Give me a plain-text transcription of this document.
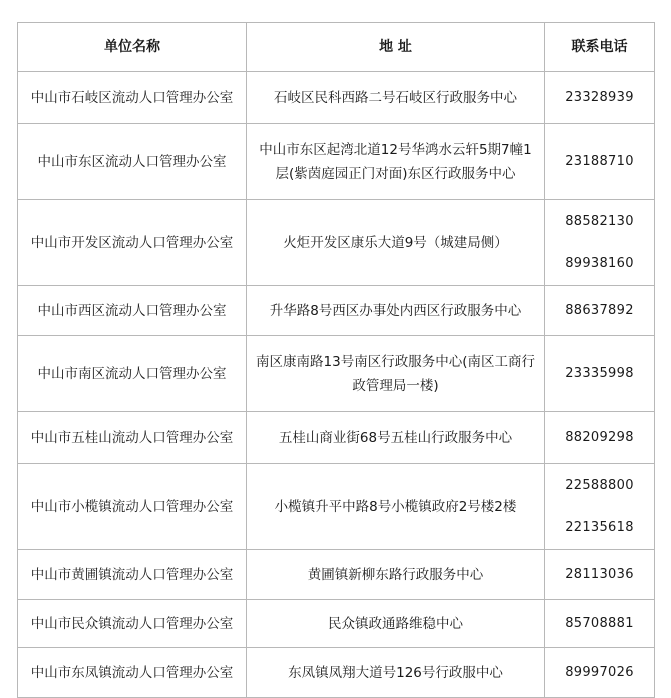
单位名称	地 址	联系电话
中山市石岐区流动人口管理办公室	石岐区民科西路二号石岐区行政服务中心	23328939

中山市东区流动人口管理办公室	中山市东区起湾北道12号华鸿水云轩5期7幢1层(紫茵庭园正门对面)东区行政服务中心	23188710

中山市开发区流动人口管理办公室	火炬开发区康乐大道9号（城建局侧）	88582130
89938160

中山市西区流动人口管理办公室	升华路8号西区办事处内西区行政服务中心	88637892

中山市南区流动人口管理办公室	南区康南路13号南区行政服务中心(南区工商行政管理局一楼)	23335998

中山市五桂山流动人口管理办公室	五桂山商业街68号五桂山行政服务中心	88209298

中山市小榄镇流动人口管理办公室	小榄镇升平中路8号小榄镇政府2号楼2楼	22588800
22135618

中山市黄圃镇流动人口管理办公室	黄圃镇新柳东路行政服务中心	28113036

中山市民众镇流动人口管理办公室	民众镇政通路维稳中心	85708881

中山市东凤镇流动人口管理办公室	东凤镇凤翔大道号126号行政服中心	89997026
